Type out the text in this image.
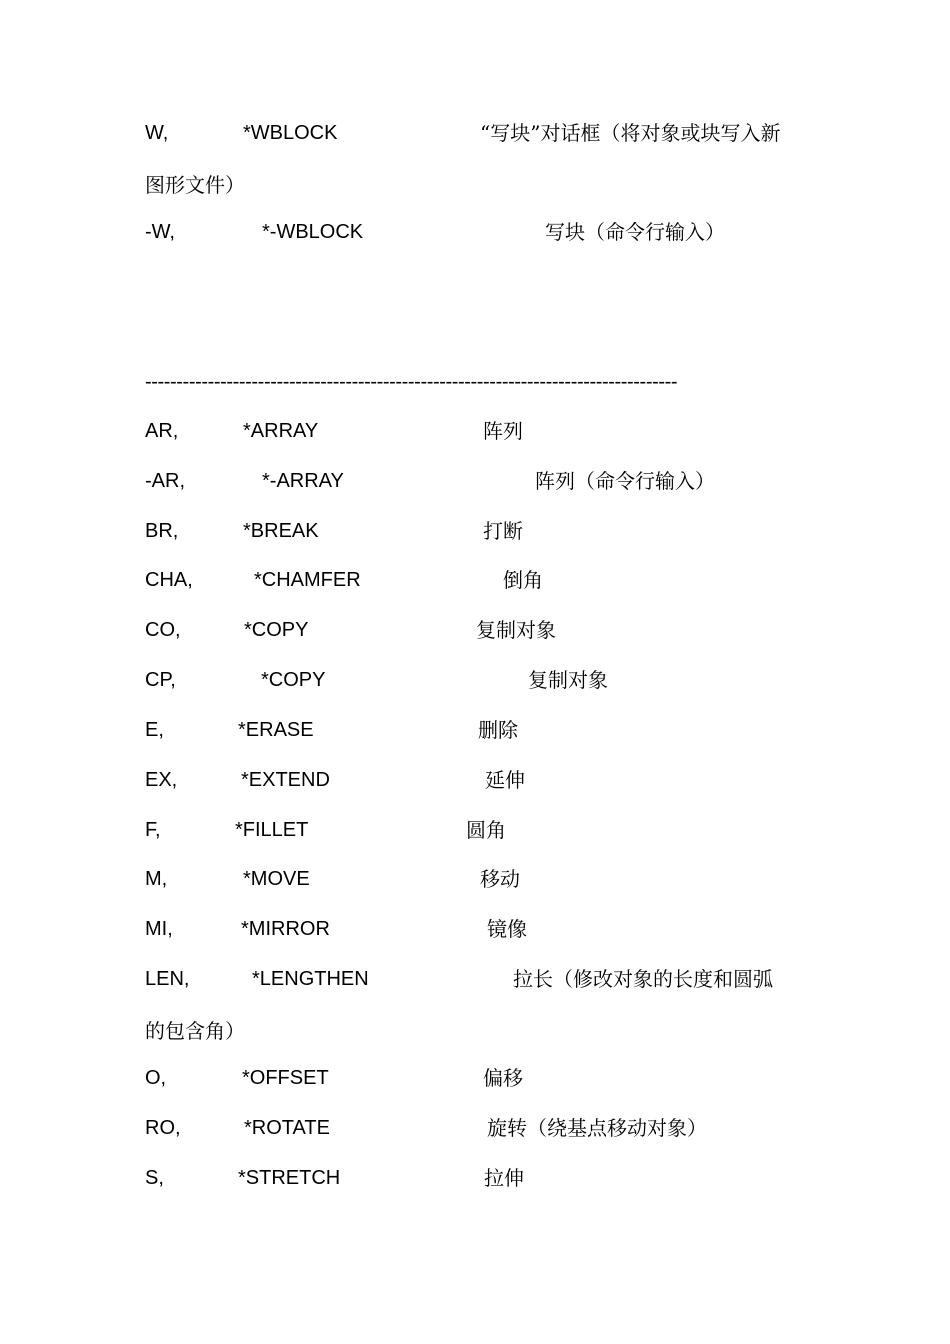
W,	*WBLOCK	“写块”对话框（将对象或块写入新
图形文件）
-W,	*-WBLOCK	写块（命令行输入）
-------------------------------------------------------------------------------------
AR,	*ARRAY	阵列
-AR,	*-ARRAY	阵列（命令行输入）
BR,	*BREAK	打断
CHA,	*CHAMFER	倒角
CO,	*COPY	复制对象
CP,	*COPY	复制对象
E,	*ERASE	删除
EX,	*EXTEND	延伸
F,	*FILLET	圆角
M,	*MOVE	移动
MI,	*MIRROR	镜像
LEN,	*LENGTHEN	拉长（修改对象的长度和圆弧
的包含角）
O,	*OFFSET	偏移
RO,	*ROTATE	旋转（绕基点移动对象）
S,	*STRETCH	拉伸
